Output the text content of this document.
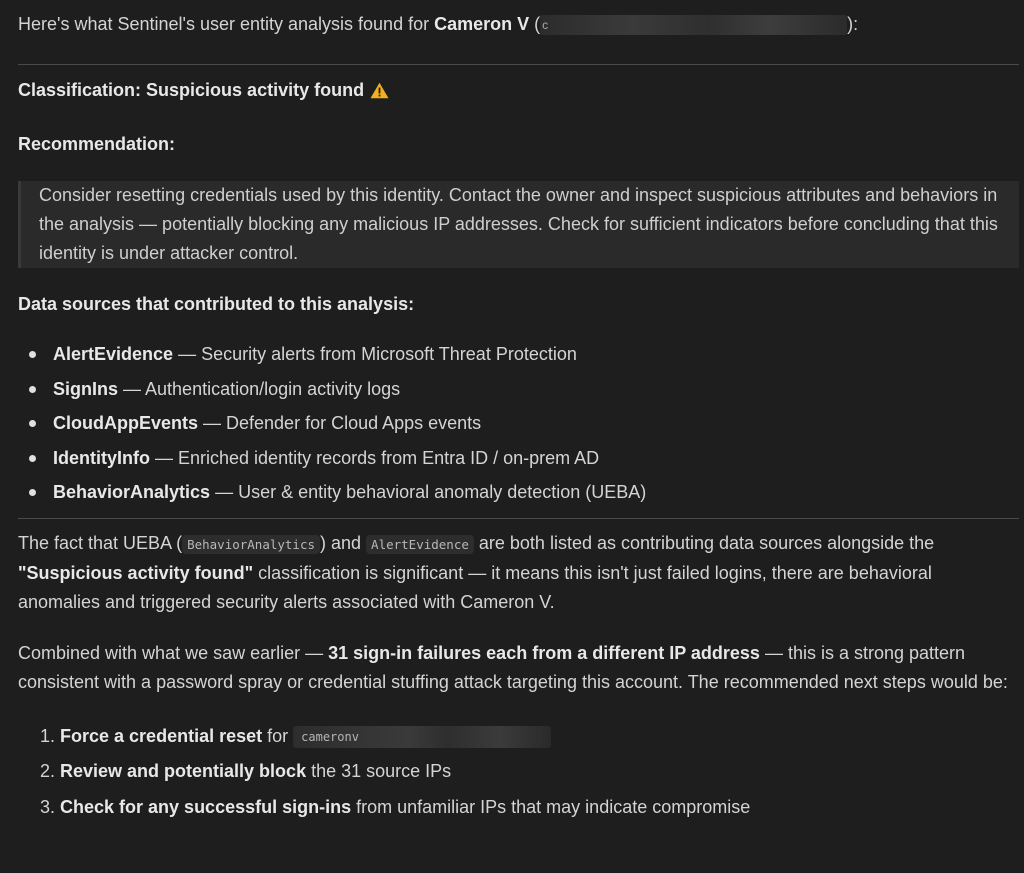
Here's what Sentinel's user entity analysis found for Cameron V ( c	):

Classification: Suspicious activity found

Recommendation:

Consider resetting credentials used by this identity. Contact the owner and inspect suspicious attributes and behaviors in the analysis — potentially blocking any malicious IP addresses. Check for sufficient indicators before concluding that this identity is under attacker control.

Data sources that contributed to this analysis:

AlertEvidence — Security alerts from Microsoft Threat Protection
SignIns — Authentication/login activity logs
CloudAppEvents — Defender for Cloud Apps events
IdentityInfo — Enriched identity records from Entra ID / on-prem AD
BehaviorAnalytics — User & entity behavioral anomaly detection (UEBA)

The fact that UEBA ( BehaviorAnalytics ) and AlertEvidence are both listed as contributing data sources alongside the "Suspicious activity found" classification is significant — it means this isn't just failed logins, there are behavioral anomalies and triggered security alerts associated with Cameron V.

Combined with what we saw earlier — 31 sign-in failures each from a different IP address — this is a strong pattern consistent with a password spray or credential stuffing attack targeting this account. The recommended next steps would be:

1. Force a credential reset for cameronv
2. Review and potentially block the 31 source IPs
3. Check for any successful sign-ins from unfamiliar IPs that may indicate compromise
